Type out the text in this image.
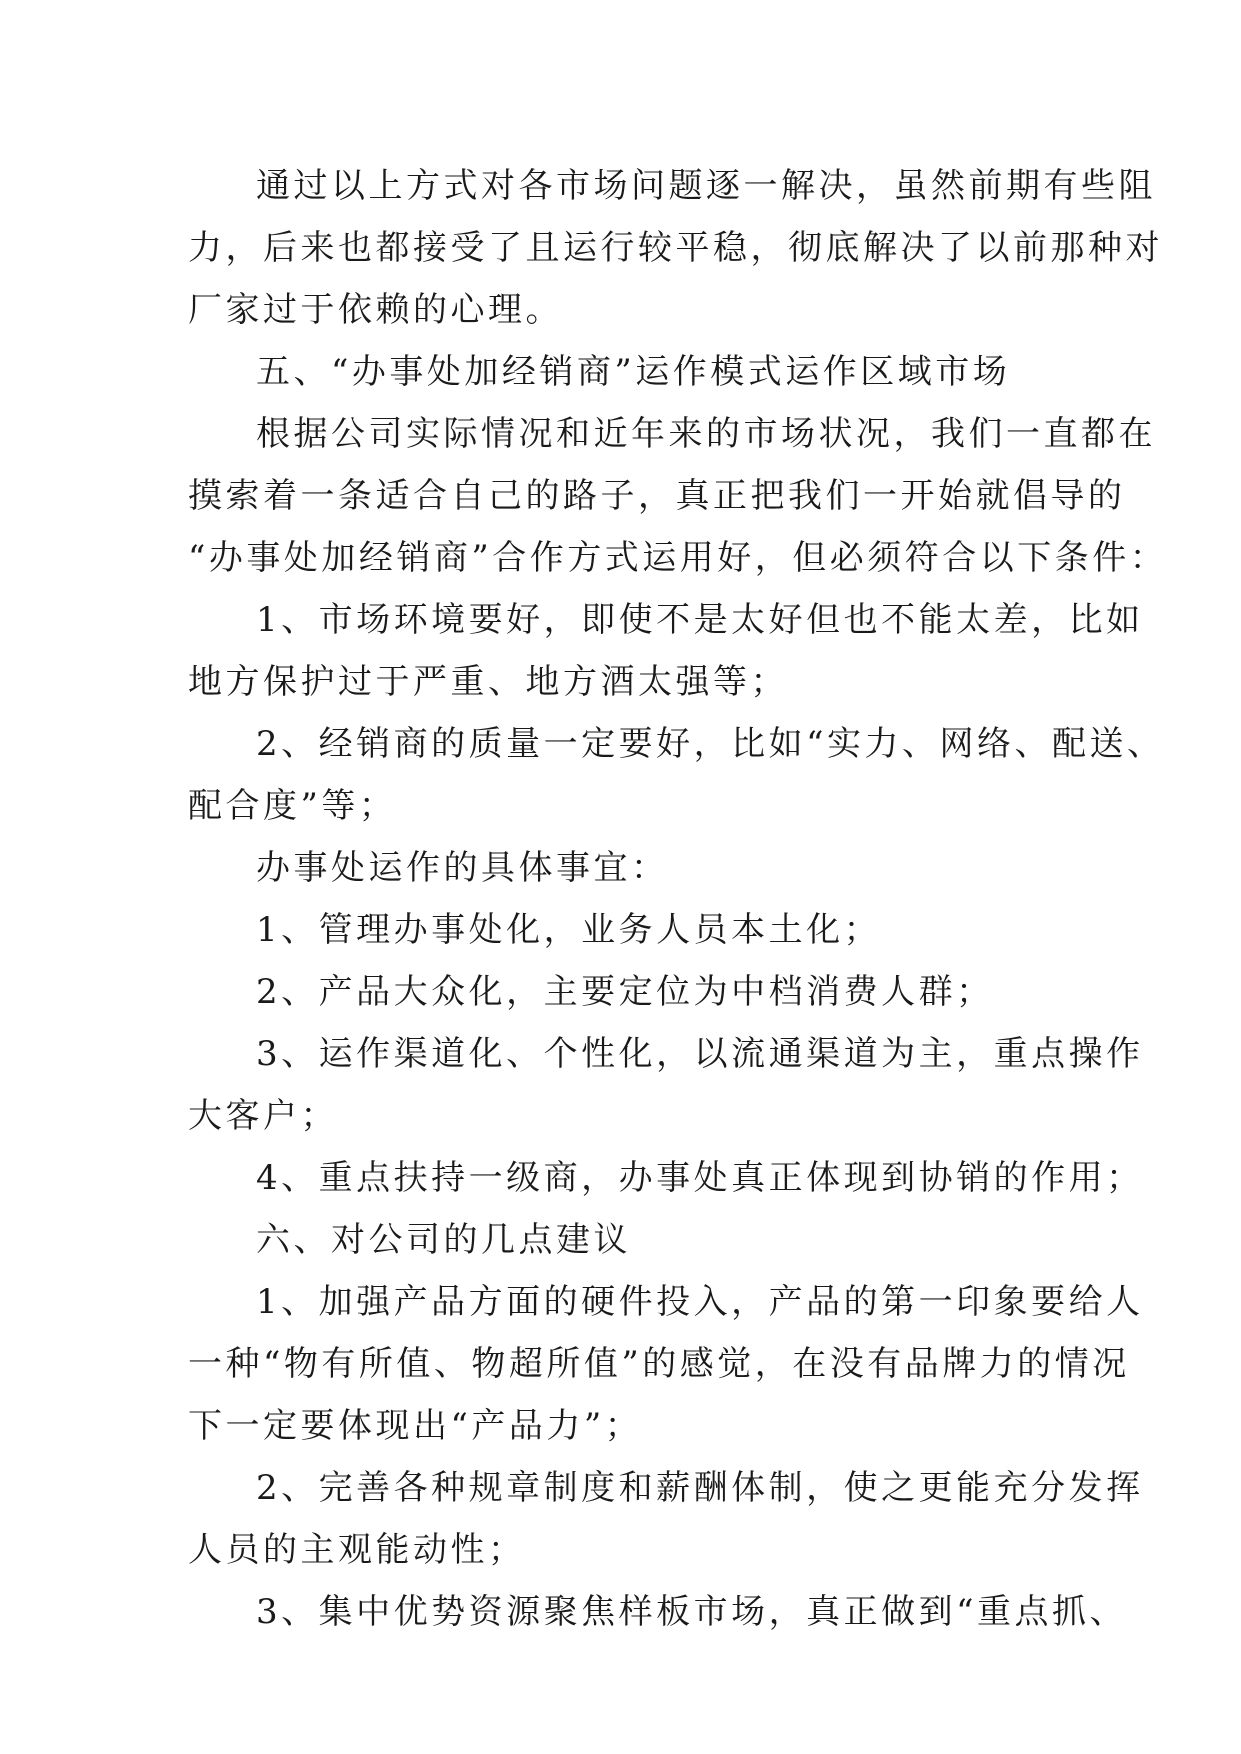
通过以上方式对各市场问题逐一解决，虽然前期有些阻
力，后来也都接受了且运行较平稳，彻底解决了以前那种对
厂家过于依赖的心理。

五、“办事处加经销商”运作模式运作区域市场

根据公司实际情况和近年来的市场状况，我们一直都在
摸索着一条适合自己的路子，真正把我们一开始就倡导的
“办事处加经销商”合作方式运用好，但必须符合以下条件：

1、市场环境要好，即使不是太好但也不能太差，比如
地方保护过于严重、地方酒太强等；

2、经销商的质量一定要好，比如“实力、网络、配送、
配合度”等；

办事处运作的具体事宜：

1、管理办事处化，业务人员本土化；

2、产品大众化，主要定位为中档消费人群；

3、运作渠道化、个性化，以流通渠道为主，重点操作
大客户；

4、重点扶持一级商，办事处真正体现到协销的作用；

六、对公司的几点建议

1、加强产品方面的硬件投入，产品的第一印象要给人
一种“物有所值、物超所值”的感觉，在没有品牌力的情况
下一定要体现出“产品力”；

2、完善各种规章制度和薪酬体制，使之更能充分发挥
人员的主观能动性；

3、集中优势资源聚焦样板市场，真正做到“重点抓、
